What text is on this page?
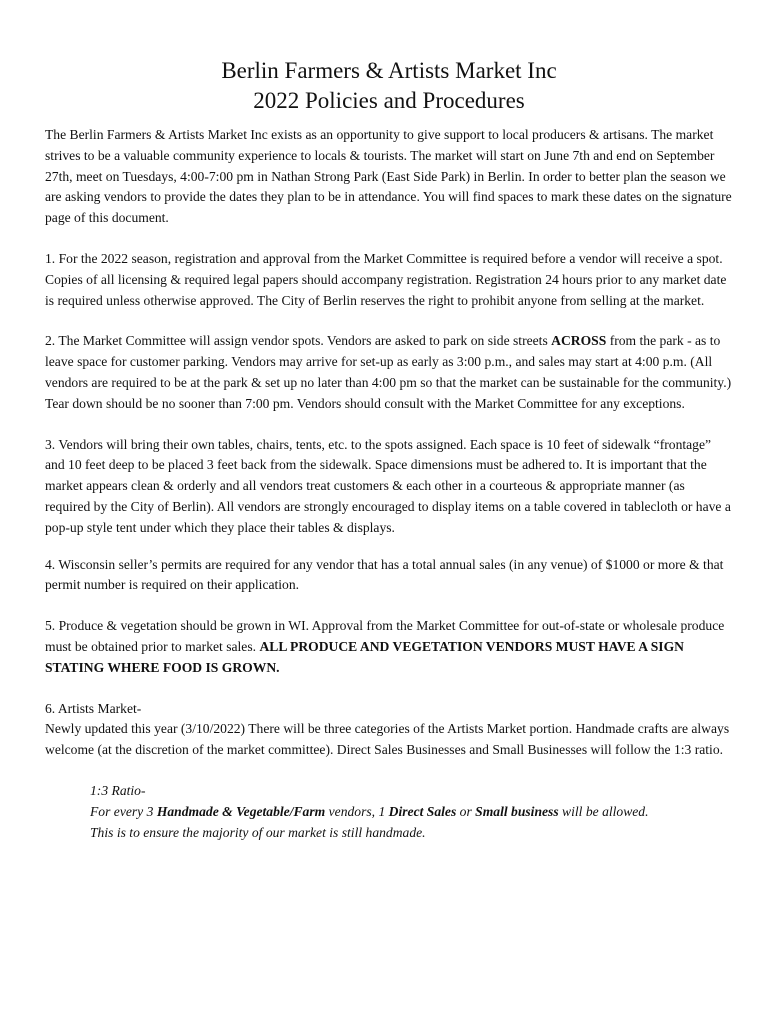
Berlin Farmers & Artists Market Inc
2022 Policies and Procedures

The Berlin Farmers & Artists Market Inc exists as an opportunity to give support to local producers & artisans. The market strives to be a valuable community experience to locals & tourists. The market will start on June 7th and end on September 27th, meet on Tuesdays, 4:00-7:00 pm in Nathan Strong Park (East Side Park) in Berlin. In order to better plan the season we are asking vendors to provide the dates they plan to be in attendance. You will find spaces to mark these dates on the signature page of this document.

1. For the 2022 season, registration and approval from the Market Committee is required before a vendor will receive a spot. Copies of all licensing & required legal papers should accompany registration. Registration 24 hours prior to any market date is required unless otherwise approved. The City of Berlin reserves the right to prohibit anyone from selling at the market.

2. The Market Committee will assign vendor spots. Vendors are asked to park on side streets ACROSS from the park - as to leave space for customer parking. Vendors may arrive for set-up as early as 3:00 p.m., and sales may start at 4:00 p.m. (All vendors are required to be at the park & set up no later than 4:00 pm so that the market can be sustainable for the community.) Tear down should be no sooner than 7:00 pm. Vendors should consult with the Market Committee for any exceptions.

3. Vendors will bring their own tables, chairs, tents, etc. to the spots assigned. Each space is 10 feet of sidewalk “frontage” and 10 feet deep to be placed 3 feet back from the sidewalk. Space dimensions must be adhered to. It is important that the market appears clean & orderly and all vendors treat customers & each other in a courteous & appropriate manner (as required by the City of Berlin). All vendors are strongly encouraged to display items on a table covered in tablecloth or have a pop-up style tent under which they place their tables & displays.

4. Wisconsin seller’s permits are required for any vendor that has a total annual sales (in any venue) of $1000 or more & that permit number is required on their application.

5. Produce & vegetation should be grown in WI. Approval from the Market Committee for out-of-state or wholesale produce must be obtained prior to market sales. ALL PRODUCE AND VEGETATION VENDORS MUST HAVE A SIGN STATING WHERE FOOD IS GROWN.

6. Artists Market-
Newly updated this year (3/10/2022) There will be three categories of the Artists Market portion. Handmade crafts are always welcome (at the discretion of the market committee). Direct Sales Businesses and Small Businesses will follow the 1:3 ratio.

1:3 Ratio-
For every 3 Handmade & Vegetable/Farm vendors, 1 Direct Sales or Small business will be allowed.
This is to ensure the majority of our market is still handmade.
